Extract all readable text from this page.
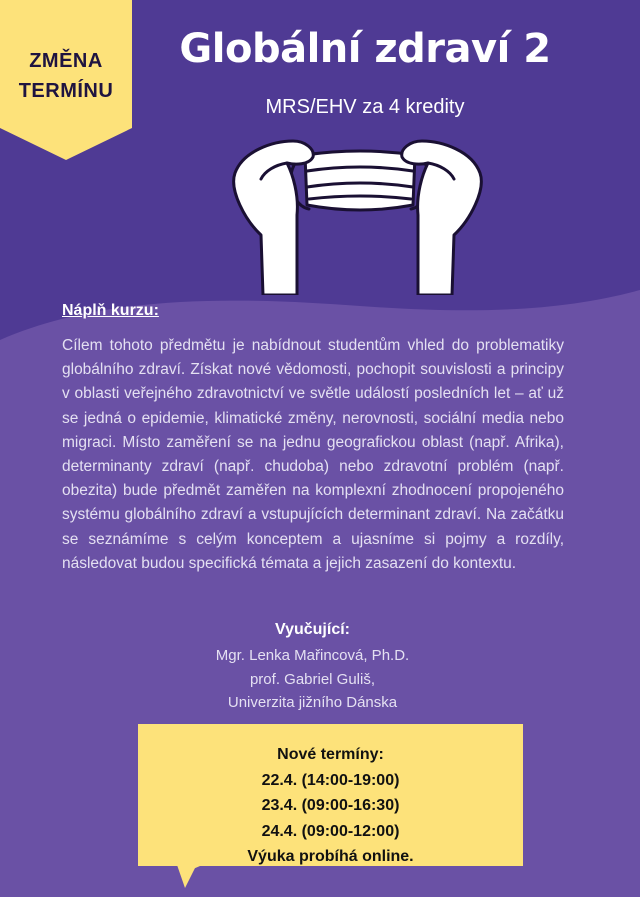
ZMĚNA
TERMÍNU
Globální zdraví 2
MRS/EHV za 4 kredity
Náplň kurzu:

Cílem tohoto předmětu je nabídnout studentům vhled do problematiky globálního zdraví. Získat nové vědomosti, pochopit souvislosti a principy v oblasti veřejného zdravotnictví ve světle událostí posledních let – ať už se jedná o epidemie, klimatické změny, nerovnosti, sociální media nebo migraci. Místo zaměření se na jednu geografickou oblast (např. Afrika), determinanty zdraví (např. chudoba) nebo zdravotní problém (např. obezita) bude předmět zaměřen na komplexní zhodnocení propojeného systému globálního zdraví a vstupujících determinant zdraví. Na začátku se seznámíme s celým konceptem a ujasníme si pojmy a rozdíly, následovat budou specifická témata a jejich zasazení do kontextu.

Vyučující:
Mgr. Lenka Mařincová, Ph.D.
prof. Gabriel Guliš,
Univerzita jižního Dánska
Nové termíny:
22.4. (14:00-19:00)
23.4. (09:00-16:30)
24.4. (09:00-12:00)
Výuka probíhá online.
